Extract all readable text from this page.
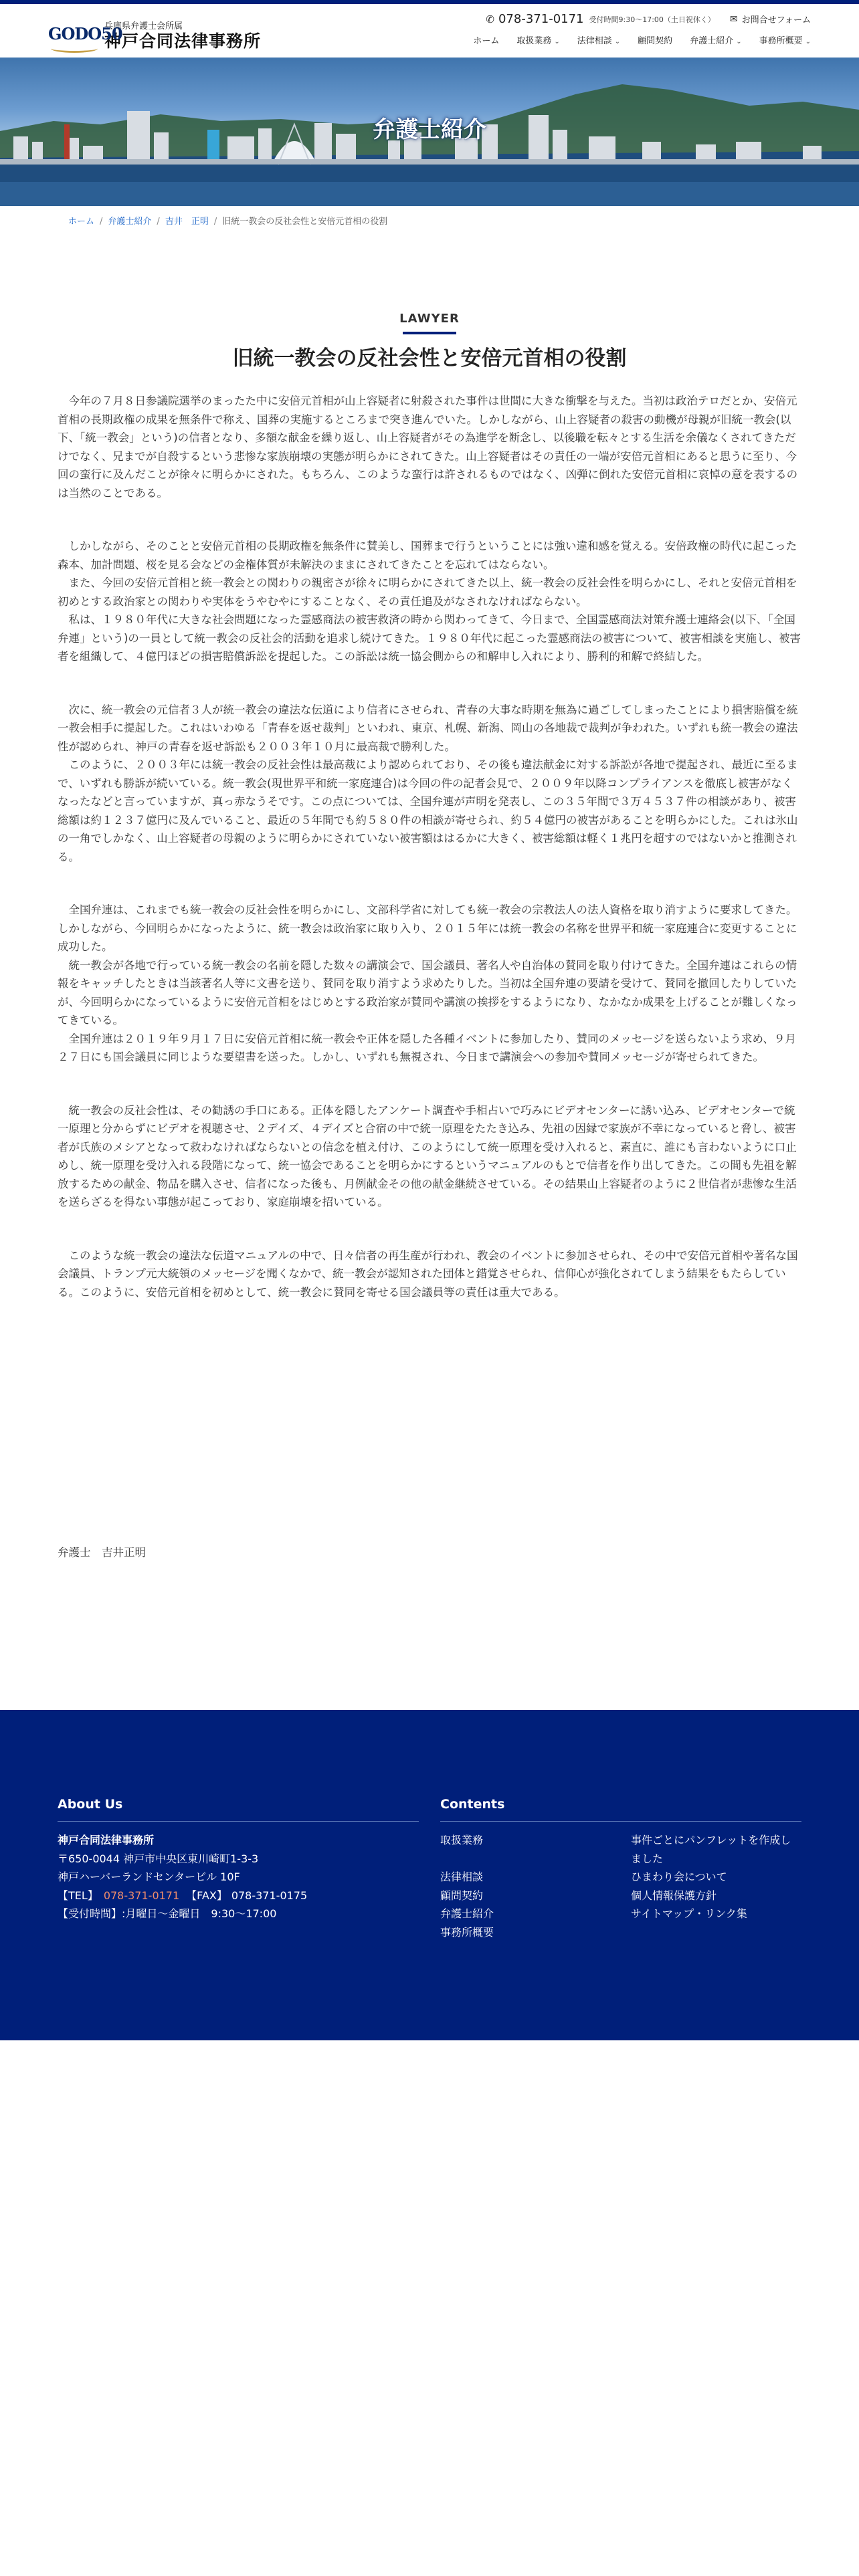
GODO50
兵庫県弁護士会所属
神戸合同法律事務所
✆ 078-371-0171 受付時間9:30〜17:00（土日祝休く） ✉ お問合せフォーム
ホーム 取扱業務 ⌄ 法律相談 ⌄ 顧問契約 弁護士紹介 ⌄ 事務所概要 ⌄
弁護士紹介
ホーム / 弁護士紹介 / 吉井　正明 / 旧統一教会の反社会性と安倍元首相の役割
LAWYER
旧統一教会の反社会性と安倍元首相の役割

　今年の７月８日参議院選挙のまったた中に安倍元首相が山上容疑者に射殺された事件は世間に大きな衝撃を与えた。当初は政治テロだとか、安倍元首相の長期政権の成果を無条件で称え、国葬の実施するところまで突き進んでいた。しかしながら、山上容疑者の殺害の動機が母親が旧統一教会(以下、「統一教会」という)の信者となり、多額な献金を繰り返し、山上容疑者がその為進学を断念し、以後職を転々とする生活を余儀なくされてきただけでなく、兄までが自殺するという悲惨な家族崩壊の実態が明らかにされてきた。山上容疑者はその責任の一端が安倍元首相にあると思うに至り、今回の蛮行に及んだことが徐々に明らかにされた。もちろん、このような蛮行は許されるものではなく、凶弾に倒れた安倍元首相に哀悼の意を表するのは当然のことである。

　しかしながら、そのことと安倍元首相の長期政権を無条件に賛美し、国葬まで行うということには強い違和感を覚える。安倍政権の時代に起こった森本、加計問題、桜を見る会などの金権体質が未解決のままにされてきたことを忘れてはならない。
　また、今回の安倍元首相と統一教会との関わりの親密さが徐々に明らかにされてきた以上、統一教会の反社会性を明らかにし、それと安倍元首相を初めとする政治家との関わりや実体をうやむやにすることなく、その責任追及がなされなければならない。
　私は、１９８０年代に大きな社会問題になった霊感商法の被害救済の時から関わってきて、今日まで、全国霊感商法対策弁護士連絡会(以下､「全国弁連」という)の一員として統一教会の反社会的活動を追求し続けてきた。１９８０年代に起こった霊感商法の被害について、被害相談を実施し、被害者を組織して、４億円ほどの損害賠償訴訟を提起した。この訴訟は統一協会側からの和解申し入れにより、勝利的和解で終結した。

　次に、統一教会の元信者３人が統一教会の違法な伝道により信者にさせられ、青春の大事な時期を無為に過ごしてしまったことにより損害賠償を統一教会相手に提起した。これはいわゆる「青春を返せ裁判」といわれ、東京、札幌、新潟、岡山の各地裁で裁判が争われた。いずれも統一教会の違法性が認められ、神戸の青春を返せ訴訟も２００３年１０月に最高裁で勝利した。
　このように、２００３年には統一教会の反社会性は最高裁により認められており、その後も違法献金に対する訴訟が各地で提起され、最近に至るまで、いずれも勝訴が続いている。統一教会(現世界平和統一家庭連合)は今回の件の記者会見で、２００９年以降コンプライアンスを徹底し被害がなくなったなどと言っていますが、真っ赤なうそです。この点については、全国弁連が声明を発表し、この３５年間で３万４５３７件の相談があり、被害総額は約１２３７億円に及んでいること、最近の５年間でも約５８０件の相談が寄せられ、約５４億円の被害があることを明らかにした。これは氷山の一角でしかなく、山上容疑者の母親のように明らかにされていない被害額ははるかに大きく、被害総額は軽く１兆円を超すのではないかと推測される。

　全国弁連は、これまでも統一教会の反社会性を明らかにし、文部科学省に対しても統一教会の宗教法人の法人資格を取り消すように要求してきた。しかしながら、今回明らかになったように、統一教会は政治家に取り入り、２０１５年には統一教会の名称を世界平和統一家庭連合に変更することに成功した。
　統一教会が各地で行っている統一教会の名前を隠した数々の講演会で、国会議員、著名人や自治体の賛同を取り付けてきた。全国弁連はこれらの情報をキャッチしたときは当該著名人等に文書を送り、賛同を取り消すよう求めたりした。当初は全国弁連の要請を受けて、賛同を撤回したりしていたが、今回明らかになっているように安倍元首相をはじめとする政治家が賛同や講演の挨拶をするようになり、なかなか成果を上げることが難しくなってきている。
　全国弁連は２０１９年９月１７日に安倍元首相に統一教会や正体を隠した各種イベントに参加したり、賛同のメッセージを送らないよう求め、９月２７日にも国会議員に同じような要望書を送った。しかし、いずれも無視され、今日まで講演会への参加や賛同メッセージが寄せられてきた。

　統一教会の反社会性は、その勧誘の手口にある。正体を隠したアンケート調査や手相占いで巧みにビデオセンターに誘い込み、ビデオセンターで統一原理と分からずにビデオを視聴させ、２デイズ、４デイズと合宿の中で統一原理をたたき込み、先祖の因縁で家族が不幸になっていると脅し、被害者が氏族のメシアとなって救わなければならないとの信念を植え付け、このようにして統一原理を受け入れると、素直に、誰にも言わないように口止めし、統一原理を受け入れる段階になって、統一協会であることを明らかにするというマニュアルのもとで信者を作り出してきた。この間も先祖を解放するための献金、物品を購入させ、信者になった後も、月例献金その他の献金継続させている。その結果山上容疑者のように２世信者が悲惨な生活を送らざるを得ない事態が起こっており、家庭崩壊を招いている。

　このような統一教会の違法な伝道マニュアルの中で、日々信者の再生産が行われ、教会のイベントに参加させられ、その中で安倍元首相や著名な国会議員、トランプ元大統領のメッセージを聞くなかで、統一教会が認知された団体と錯覚させられ、信仰心が強化されてしまう結果をもたらしている。このように、安倍元首相を初めとして、統一教会に賛同を寄せる国会議員等の責任は重大である。

弁護士　吉井正明
About Us
神戸合同法律事務所
〒650-0044 神戸市中央区東川崎町1-3-3
神戸ハーバーランドセンタービル 10F
【TEL】 078-371-0171 【FAX】 078-371-0175
【受付時間】:月曜日〜金曜日　9:30〜17:00
Contents
取扱業務	事件ごとにパンフレットを作成しました
法律相談	ひまわり会について
顧問契約	個人情報保護方針
弁護士紹介	サイトマップ・リンク集
事務所概要
